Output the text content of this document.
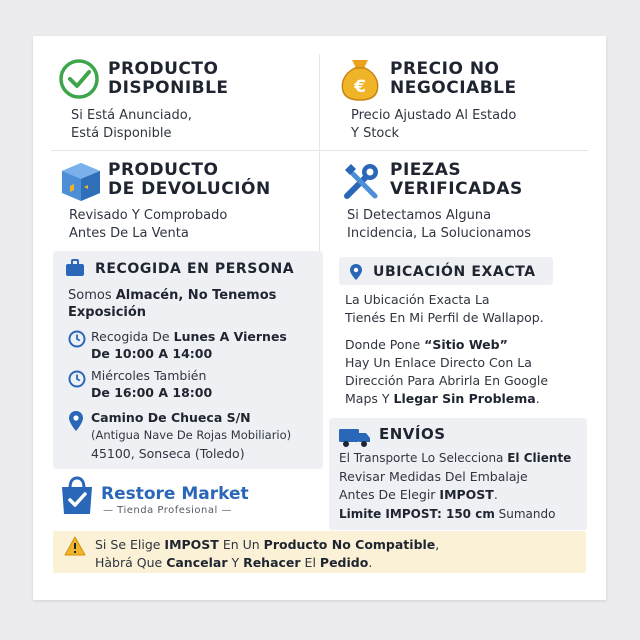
PRODUCTO
DISPONIBLE
Si Está Anunciado,
Está Disponible
€
PRECIO NO
NEGOCIABLE
Precio Ajustado Al Estado
Y Stock
PRODUCTO
DE DEVOLUCIÓN
Revisado Y Comprobado
Antes De La Venta
PIEZAS
VERIFICADAS
Si Detectamos Alguna
Incidencia, La Solucionamos
RECOGIDA EN PERSONA
Somos Almacén, No Tenemos
Exposición
Recogida De Lunes A Viernes
De 10:00 A 14:00
Miércoles También
De 16:00 A 18:00
Camino De Chueca S/N
(Antigua Nave De Rojas Mobiliario)
45100, Sonseca (Toledo)
UBICACIÓN EXACTA
La Ubicación Exacta La
Tienés En Mi Perfil de Wallapop.
Donde Pone “Sitio Web”
Hay Un Enlace Directo Con La
Dirección Para Abrirla En Google
Maps Y Llegar Sin Problema.
ENVÍOS
El Transporte Lo Selecciona El Cliente
Revisar Medidas Del Embalaje
Antes De Elegir IMPOST.
Limite IMPOST: 150 cm Sumando
Restore Market
— Tienda Profesional —
Si Se Elige IMPOST En Un Producto No Compatible,
Hàbrá Que Cancelar Y Rehacer El Pedido.
